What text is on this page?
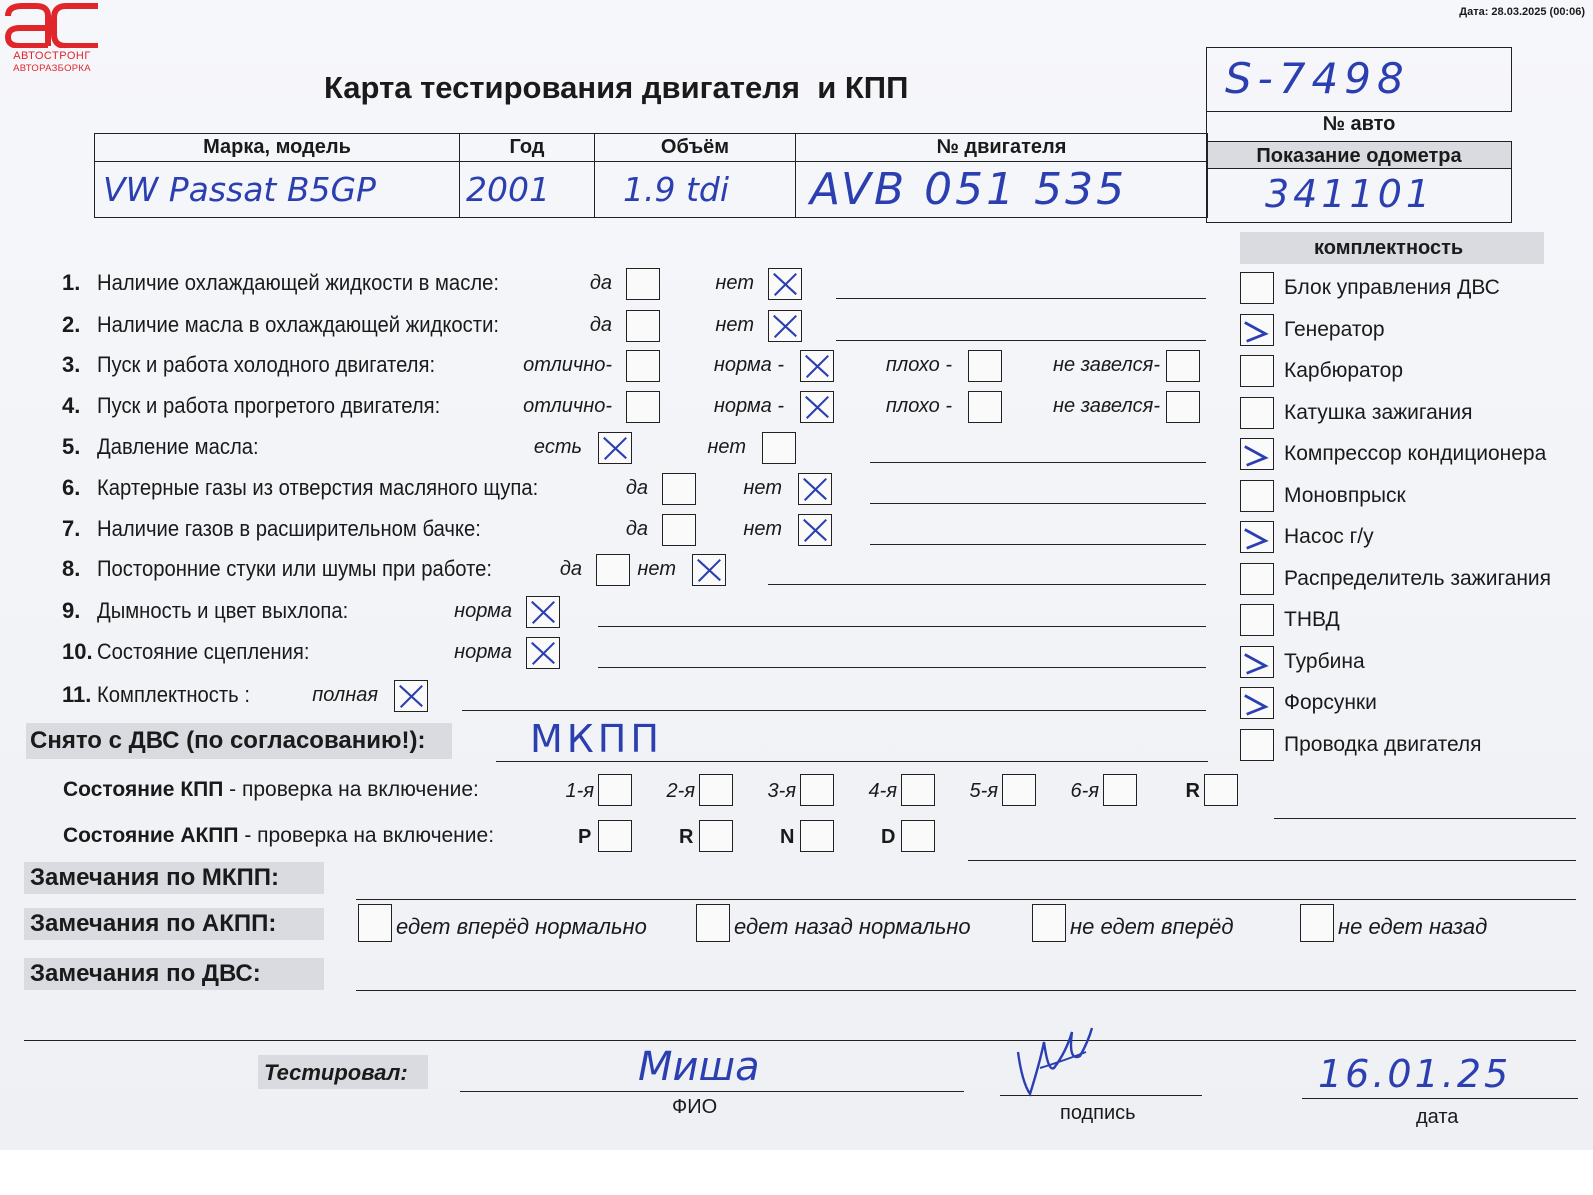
АВТОСТРОНГ
АВТОРАЗБОРКА
Дата: 28.03.2025 (00:06)
Карта тестирования двигателя  и КПП	S-7498
№ авто
Показание одометра
341101
Марка, модель	Год	Объём	№ двигателя
VW Passat B5GP	2001	1.9 tdi	AVB 051 535
1. Наличие охлаждающей жидкости в масле:	да	нет
2. Наличие масла в охлаждающей жидкости:	да	нет
3. Пуск и работа холодного двигателя:	отлично-	норма -	плохо -	не завелся-
4. Пуск и работа прогретого двигателя:	отлично-	норма -	плохо -	не завелся-
5. Давление масла:	есть	нет
6. Картерные газы из отверстия масляного щупа:	да	нет
7. Наличие газов в расширительном бачке:	да	нет
8. Посторонние стуки или шумы при работе:	да	нет
9. Дымность и цвет выхлопа:	норма
10. Состояние сцепления:	норма
11. Комплектность :	полная
комплектность
Блок управления ДВС
Генератор
Карбюратор
Катушка зажигания
Компрессор кондиционера
Моновпрыск
Насос г/у
Распределитель зажигания
ТНВД
Турбина
Форсунки
Проводка двигателя
Снято с ДВС (по согласованию!):	МКПП
Состояние КПП - проверка на включение:	1-я	2-я	3-я	4-я	5-я	6-я	R
Состояние АКПП - проверка на включение:	P	R	N	D
Замечания по МКПП:
Замечания по АКПП:	едет вперёд нормально	едет назад нормально	не едет вперёд	не едет назад
Замечания по ДВС:
Тестировал:	Миша
ФИО	подпись
16.01.25
дата
